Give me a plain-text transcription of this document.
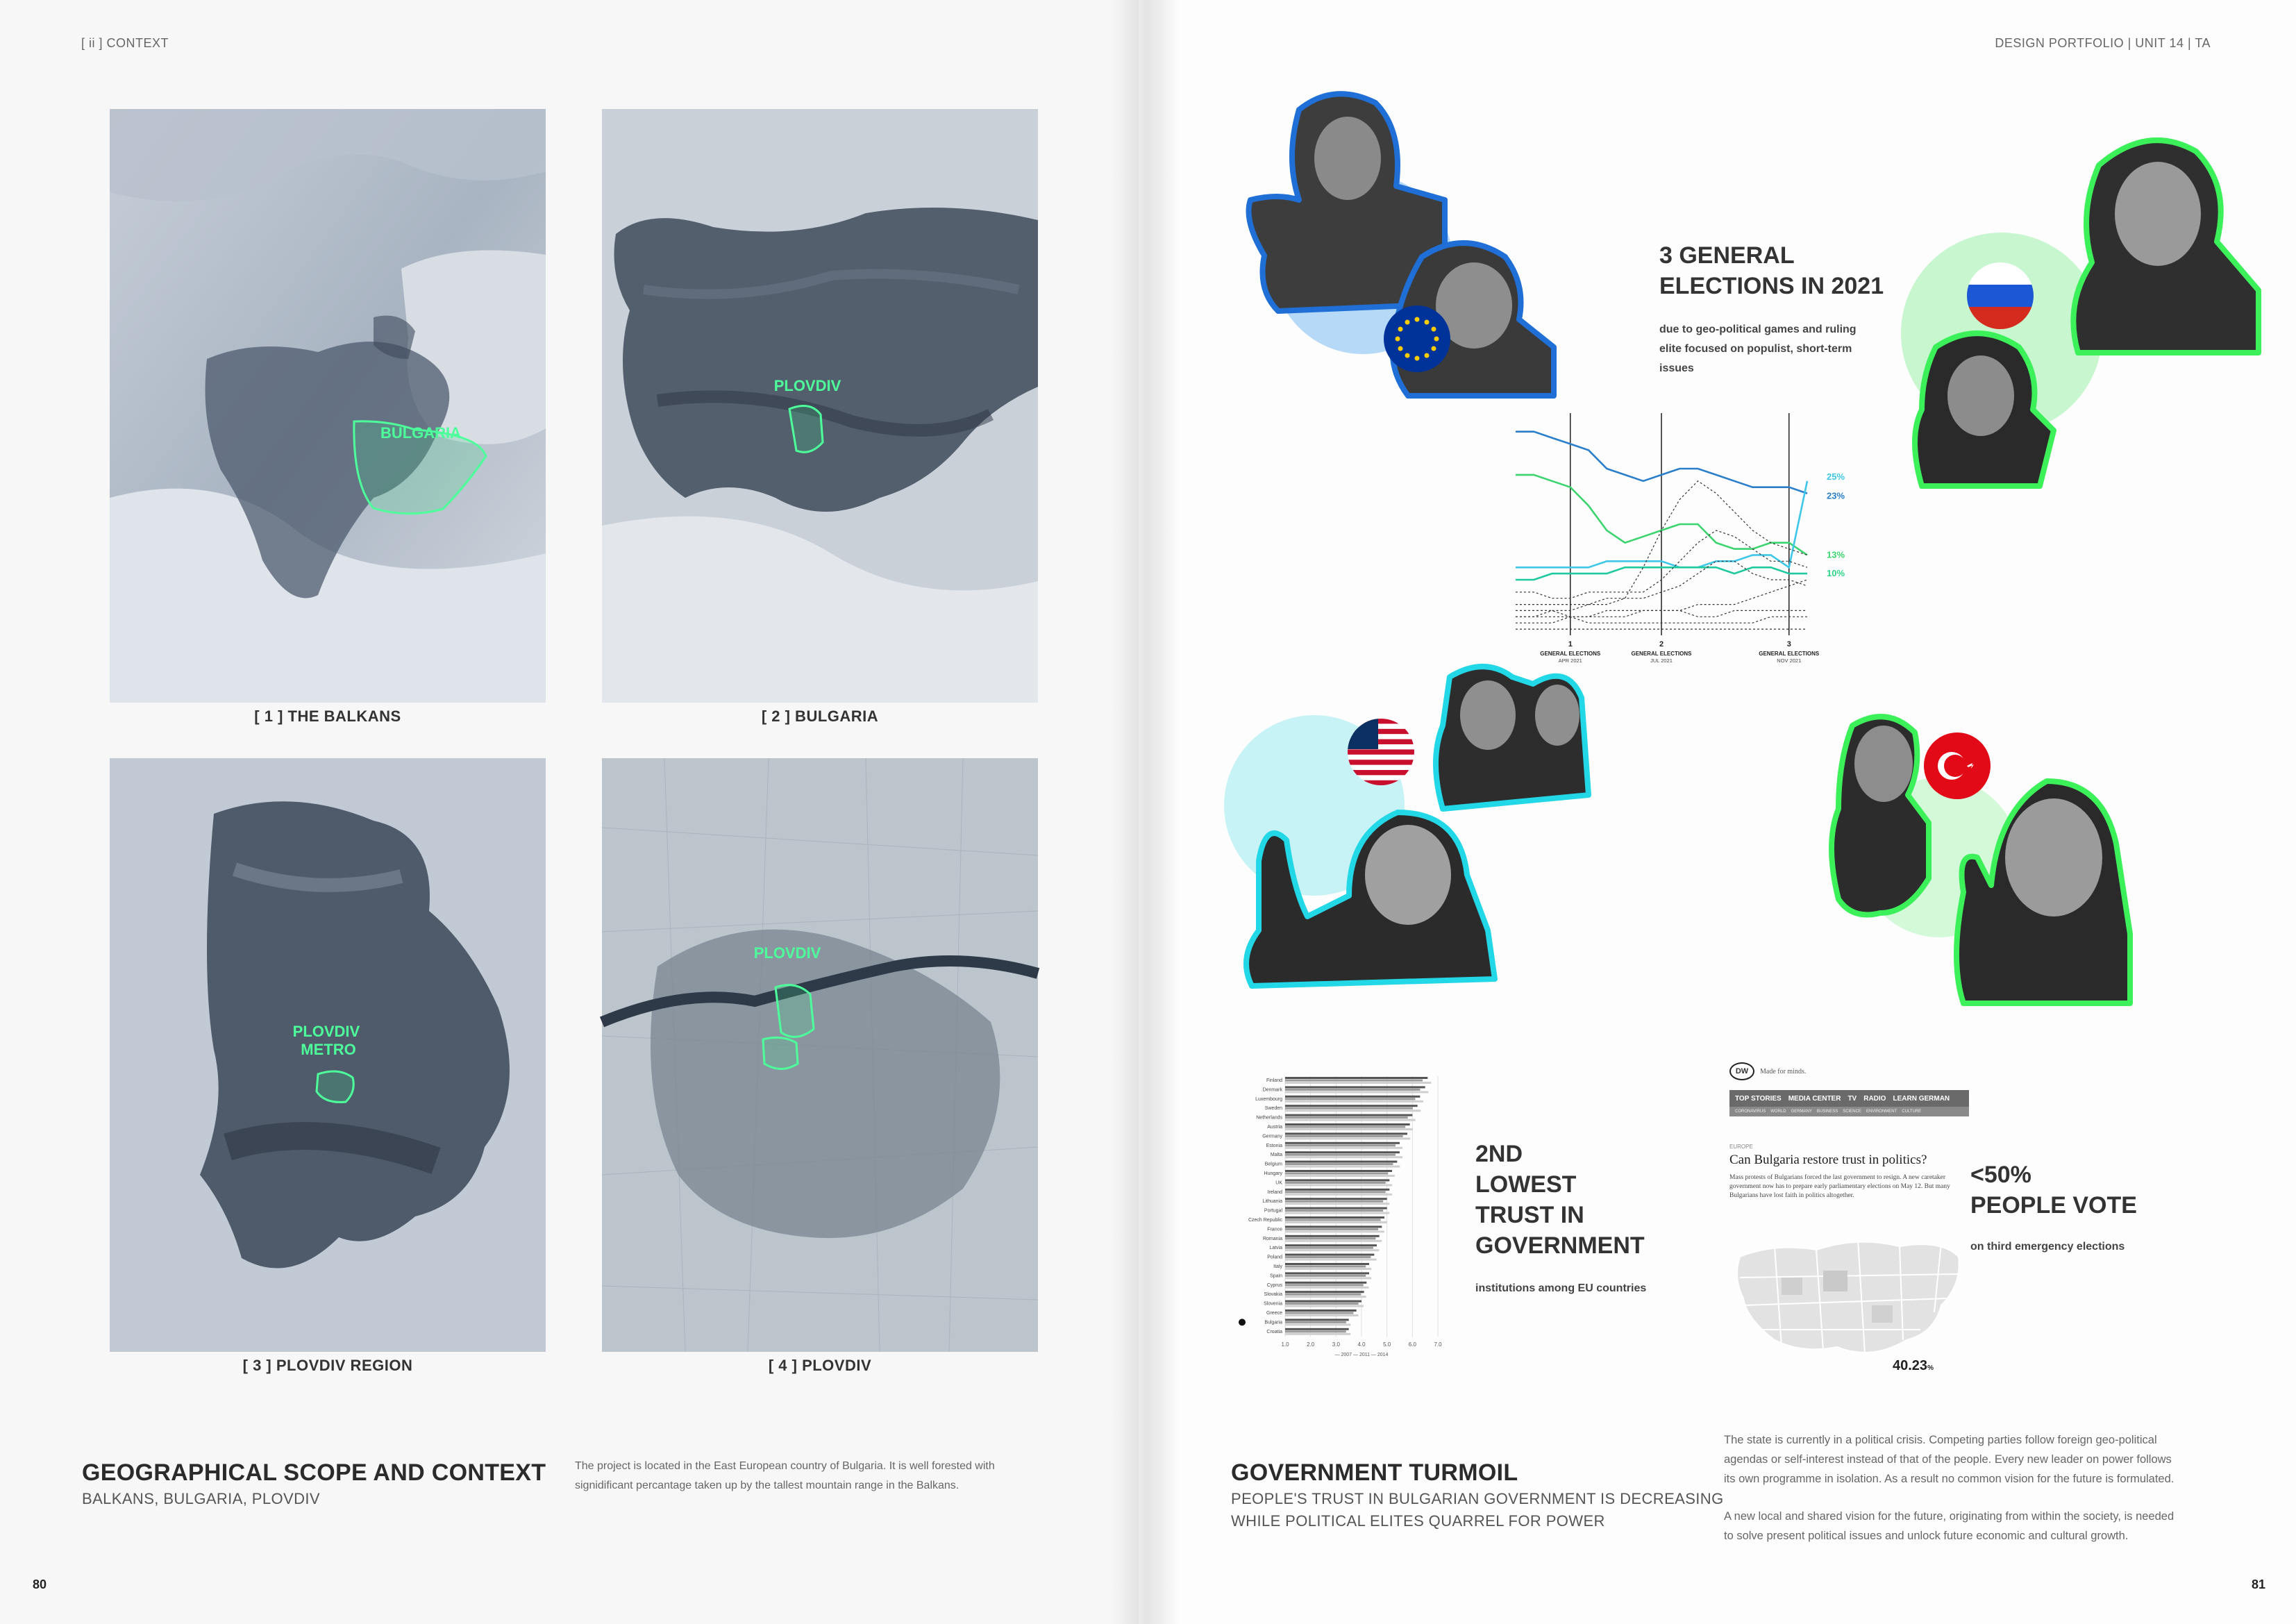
[ ii ] CONTEXT
BULGARIA
[ 1 ] THE BALKANS
PLOVDIV
[ 2 ] BULGARIA
PLOVDIV METRO
[ 3 ] PLOVDIV REGION
PLOVDIV
[ 4 ] PLOVDIV
GEOGRAPHICAL SCOPE AND CONTEXT
BALKANS, BULGARIA, PLOVDIV
The project is located in the East European country of Bulgaria. It is well forested with
signidificant percantage taken up by the tallest mountain range in the Balkans.
80
DESIGN PORTFOLIO | UNIT 14 | TA
3 GENERAL
ELECTIONS IN 2021
due to geo-political games and ruling
elite focused on populist, short-term
issues
1
GENERAL ELECTIONS
APR 2021
2
GENERAL ELECTIONS
JUL 2021
3
GENERAL ELECTIONS
NOV 2021
25%
23%
13%
10%
1.0	2.0	3.0	4.0	5.0	6.0	7.0
Finland
Denmark
Luxembourg
Sweden
Netherlands
Austria
Germany
Estonia
Malta
Belgium
Hungary
UK
Ireland
Lithuania
Portugal
Czech Republic
France
Romania
Latvia
Poland
Italy
Spain
Cyprus
Slovakia
Slovenia
Greece
Bulgaria
Croatia
— 2007 — 2011 — 2014
2ND
LOWEST
TRUST IN
GOVERNMENT
institutions among EU countries
DW	Made for minds.
TOP STORIES MEDIA CENTER TV RADIO LEARN GERMAN
CORONAVIRUS WORLD GERMANY BUSINESS SCIENCE ENVIRONMENT CULTURE
EUROPE
Can Bulgaria restore trust in politics?
Mass protests of Bulgarians forced the last government to resign. A new caretaker
government now has to prepare early parliamentary elections on May 12. But many
Bulgarians have lost faith in politics altogether.
40.23%
<50%
PEOPLE VOTE
on third emergency elections
GOVERNMENT TURMOIL
PEOPLE'S TRUST IN BULGARIAN GOVERNMENT IS DECREASING
WHILE POLITICAL ELITES QUARREL FOR POWER
The state is currently in a political crisis. Competing parties follow foreign geo-political
agendas or self-interest instead of that of the people. Every new leader on power follows
its own programme in isolation. As a result no common vision for the future is formulated.
A new local and shared vision for the future, originating from within the society, is needed
to solve present political issues and unlock future economic and cultural growth.
81
